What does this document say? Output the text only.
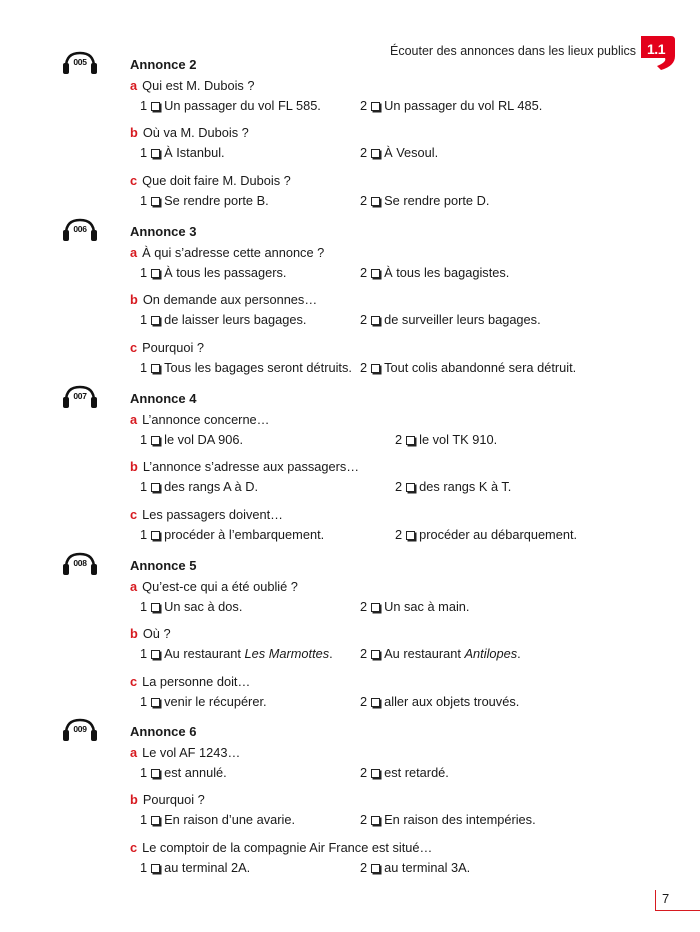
Écouter des annonces dans les lieux publics 1.1
005	Annonce 2
a Qui est M. Dubois ?
1 Un passager du vol FL 585.	2 Un passager du vol RL 485.
b Où va M. Dubois ?
1 À Istanbul.	2 À Vesoul.
c Que doit faire M. Dubois ?
1 Se rendre porte B.	2 Se rendre porte D.
006	Annonce 3
a À qui s’adresse cette annonce ?
1 À tous les passagers.	2 À tous les bagagistes.
b On demande aux personnes…
1 de laisser leurs bagages.	2 de surveiller leurs bagages.
c Pourquoi ?
1 Tous les bagages seront détruits. 2 Tout colis abandonné sera détruit.
007	Annonce 4
a L’annonce concerne…
1 le vol DA 906.	2 le vol TK 910.
b L’annonce s’adresse aux passagers…
1 des rangs A à D.	2 des rangs K à T.
c Les passagers doivent…
1 procéder à l’embarquement.	2 procéder au débarquement.
008	Annonce 5
a Qu’est-ce qui a été oublié ?
1 Un sac à dos.	2 Un sac à main.
b Où ?
1 Au restaurant Les Marmottes. 2 Au restaurant Antilopes.
c La personne doit…
1 venir le récupérer.	2 aller aux objets trouvés.
009	Annonce 6
a Le vol AF 1243…
1 est annulé.	2 est retardé.
b Pourquoi ?
1 En raison d’une avarie.	2 En raison des intempéries.
c Le comptoir de la compagnie Air France est situé…
1 au terminal 2A.	2 au terminal 3A.
7
